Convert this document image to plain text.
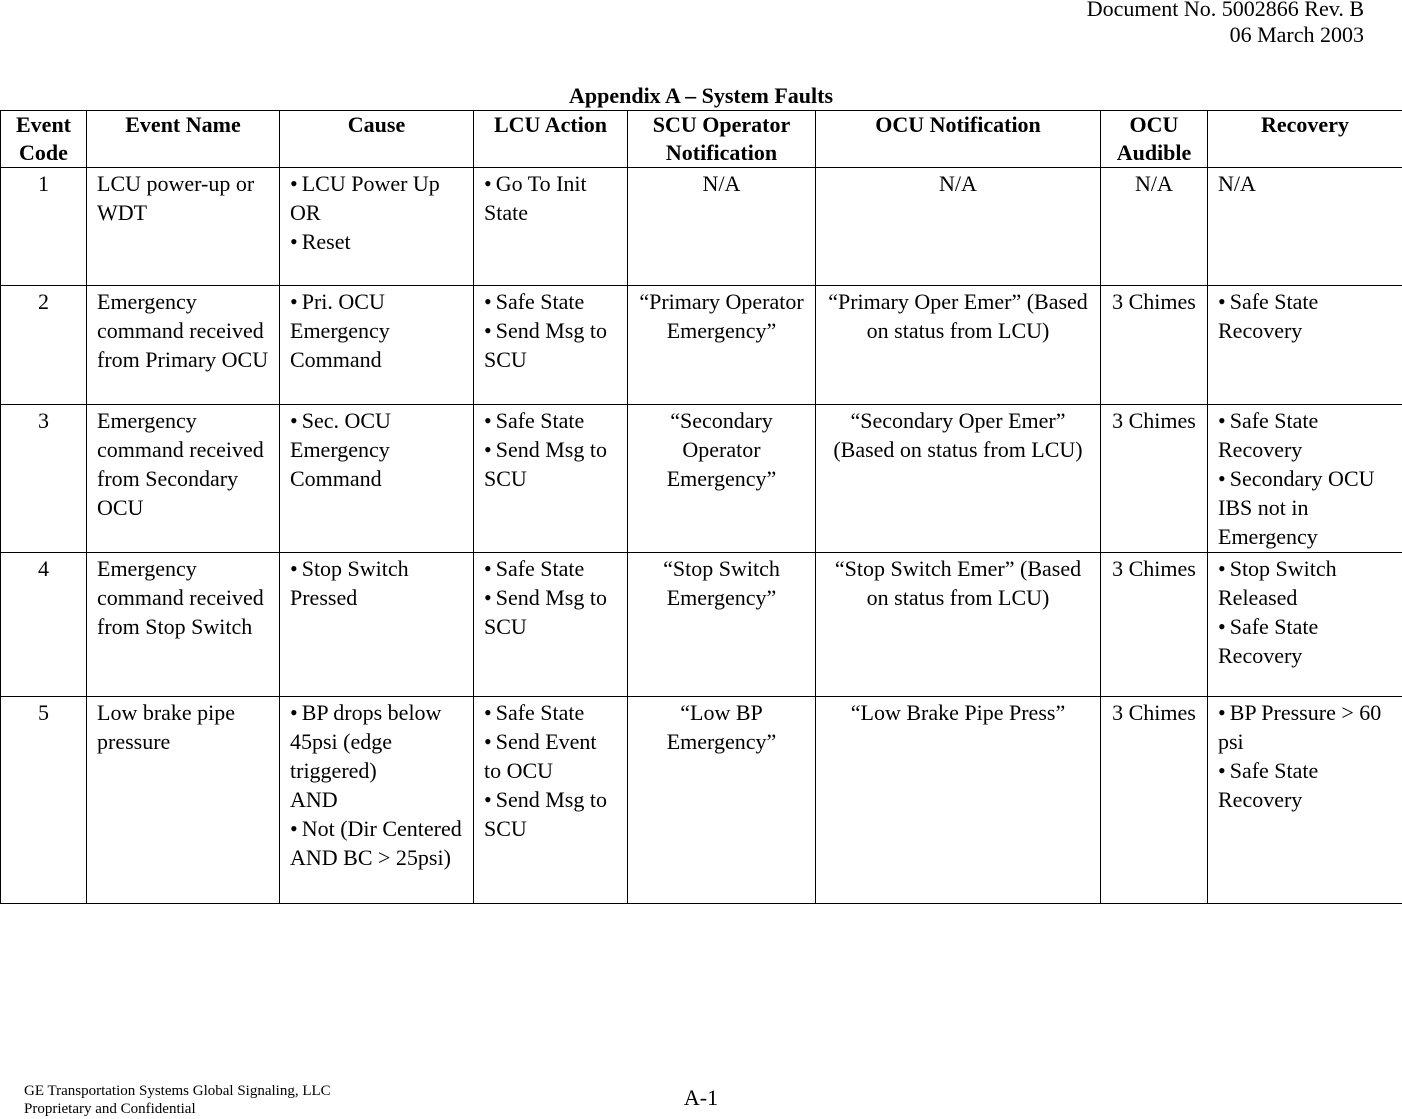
Document No. 5002866 Rev. B
06 March 2003
Appendix A – System Faults
Event Code	Event Name	Cause	LCU Action	SCU Operator Notification	OCU Notification	OCU Audible	Recovery
1	LCU power-up or WDT	• LCU Power Up
OR
• Reset	• Go To Init State	N/A	N/A	N/A	N/A

2	Emergency command received from Primary OCU	• Pri. OCU Emergency Command	• Safe State
• Send Msg to SCU	“Primary Operator Emergency”	“Primary Oper Emer” (Based on status from LCU)	3 Chimes	• Safe State Recovery

3	Emergency command received from Secondary OCU	• Sec. OCU Emergency Command	• Safe State
• Send Msg to SCU	“Secondary Operator Emergency”	“Secondary Oper Emer” (Based on status from LCU)	3 Chimes	• Safe State Recovery
• Secondary OCU IBS not in Emergency

4	Emergency command received from Stop Switch	• Stop Switch Pressed	• Safe State
• Send Msg to SCU	“Stop Switch Emergency”	“Stop Switch Emer” (Based on status from LCU)	3 Chimes	• Stop Switch Released
• Safe State Recovery

5	Low brake pipe pressure	• BP drops below 45psi (edge triggered)
AND
• Not (Dir Centered AND BC > 25psi)	• Safe State
• Send Event to OCU
• Send Msg to SCU	“Low BP Emergency”	“Low Brake Pipe Press”	3 Chimes	• BP Pressure > 60 psi
• Safe State Recovery
GE Transportation Systems Global Signaling, LLC
Proprietary and Confidential	A-1
